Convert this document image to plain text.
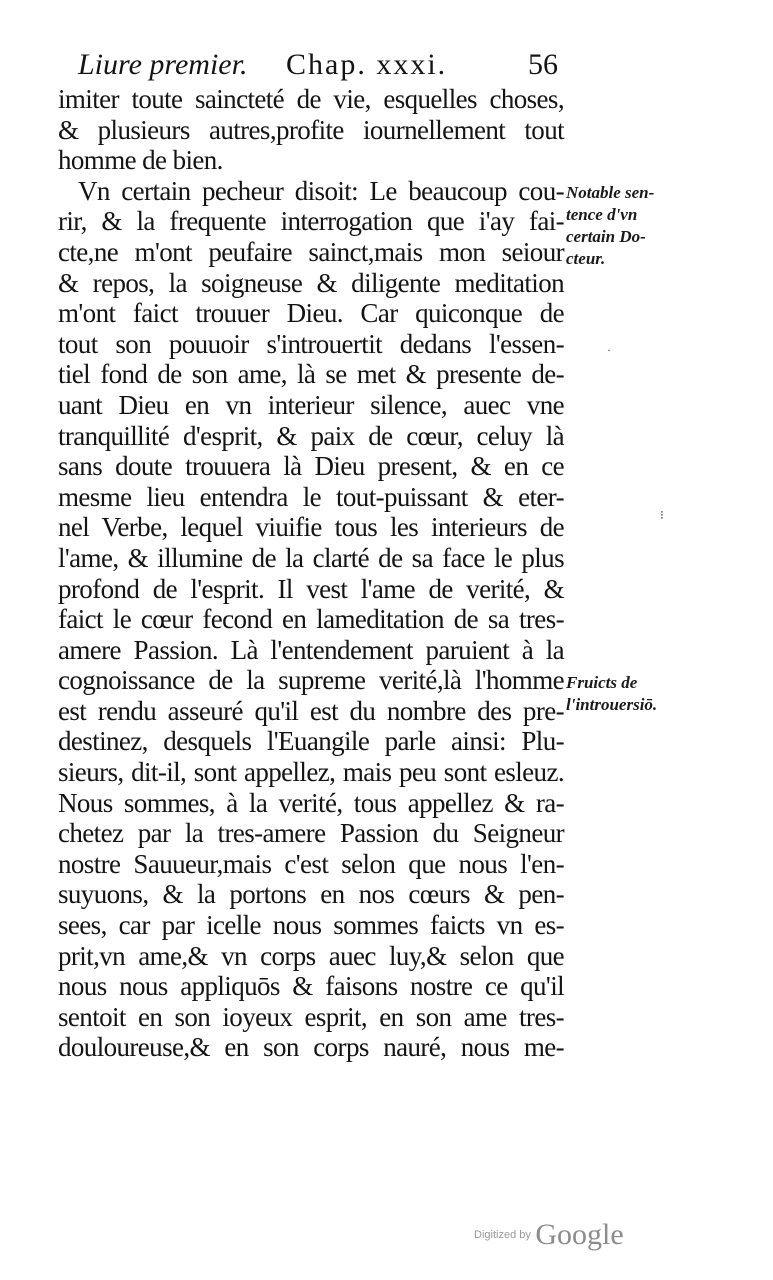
Liure premier. Chap. xxxi.	56
imiter toute sainctеté de vie, esquelles choses,
& plusieurs autres,profite iournellement tout
homme de bien.
Vn certain pecheur disoit: Le beaucoup cou-
rir, & la frequente interrogation que i'ay fai-
cte,ne m'ont peufaire sainct,mais mon seiour
& repos, la soigneuse & diligente meditation
m'ont faict trouuer Dieu. Car quiconque de
tout son pouuoir s'introuertit dedans l'essen-
tiel fond de son ame, là se met & presente de-
uant Dieu en vn interieur silence, auec vne
tranquillité d'esprit, & paix de cœur, celuy là
sans doute trouuera là Dieu present, & en ce
mesme lieu entendra le tout-puissant & eter-
nel Verbe, lequel viuifie tous les interieurs de
l'ame, & illumine de la clarté de sa face le plus
profond de l'esprit. Il vest l'ame de verité, &
faict le cœur fecond en lameditation de sa tres-
amere Passion. Là l'entendement paruient à la
cognoissance de la supreme verité,là l'homme
est rendu asseuré qu'il est du nombre des pre-
destinez, desquels l'Euangile parle ainsi: Plu-
sieurs, dit-il, sont appellez, mais peu sont esleuz.
Nous sommes, à la verité, tous appellez & ra-
chetez par la tres-amere Passion du Seigneur
nostre Sauueur,mais c'est selon que nous l'en-
suyuons, & la portons en nos cœurs & pen-
sees, car par icelle nous sommes faicts vn es-
prit,vn ame,& vn corps auec luy,& selon que
nous nous appliquōs & faisons nostre ce qu'il
sentoit en son ioyeux esprit, en son ame tres-
douloureuse,& en son corps nauré, nous me-
Notable sen-
tence d'vn
certain Do-
cteur.
Fruicts de
l'introuersiō.
˙
⁝
Digitized by Google
